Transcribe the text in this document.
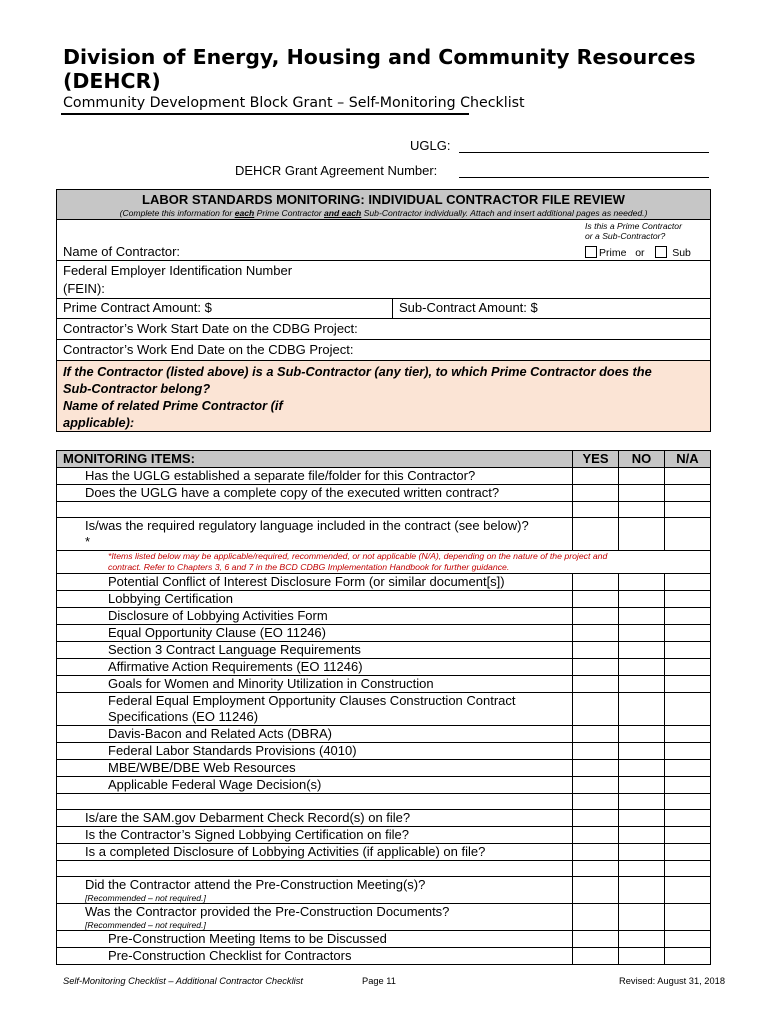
Division of Energy, Housing and Community Resources (DEHCR)
Community Development Block Grant – Self-Monitoring Checklist
UGLG:
DEHCR Grant Agreement Number:
LABOR STANDARDS MONITORING: INDIVIDUAL CONTRACTOR FILE REVIEW
(Complete this information for each Prime Contractor and each Sub-Contractor individually. Attach and insert additional pages as needed.)

Name of Contractor:
Is this a Prime Contractor
or a Sub-Contractor?
Prime or	Sub

Federal Employer Identification Number
(FEIN):

Prime Contract Amount: $	Sub-Contract Amount: $
Contractor’s Work Start Date on the CDBG Project:
Contractor’s Work End Date on the CDBG Project:

If the Contractor (listed above) is a Sub-Contractor (any tier), to which Prime Contractor does the Sub-Contractor belong?
Name of related Prime Contractor (if applicable):
MONITORING ITEMS:	YES	NO	N/A
Has the UGLG established a separate file/folder for this Contractor?			
Does the UGLG have a complete copy of the executed written contract?			

Is/was the required regulatory language included in the contract (see below)?
*			

*Items listed below may be applicable/required, recommended, or not applicable (N/A), depending on the nature of the project and
contract. Refer to Chapters 3, 6 and 7 in the BCD CDBG Implementation Handbook for further guidance.			

Potential Conflict of Interest Disclosure Form (or similar document[s])			
Lobbying Certification			
Disclosure of Lobbying Activities Form			
Equal Opportunity Clause (EO 11246)			
Section 3 Contract Language Requirements			
Affirmative Action Requirements (EO 11246)			
Goals for Women and Minority Utilization in Construction			

Federal Equal Employment Opportunity Clauses Construction Contract
Specifications (EO 11246)			

Davis-Bacon and Related Acts (DBRA)			
Federal Labor Standards Provisions (4010)			
MBE/WBE/DBE Web Resources			
Applicable Federal Wage Decision(s)			

Is/are the SAM.gov Debarment Check Record(s) on file?			
Is the Contractor’s Signed Lobbying Certification on file?			
Is a completed Disclosure of Lobbying Activities (if applicable) on file?			

Did the Contractor attend the Pre-Construction Meeting(s)?
[Recommended – not required.]			

Was the Contractor provided the Pre-Construction Documents?
[Recommended – not required.]			

Pre-Construction Meeting Items to be Discussed			
Pre-Construction Checklist for Contractors			
Self-Monitoring Checklist – Additional Contractor Checklist	Page 11	Revised: August 31, 2018
